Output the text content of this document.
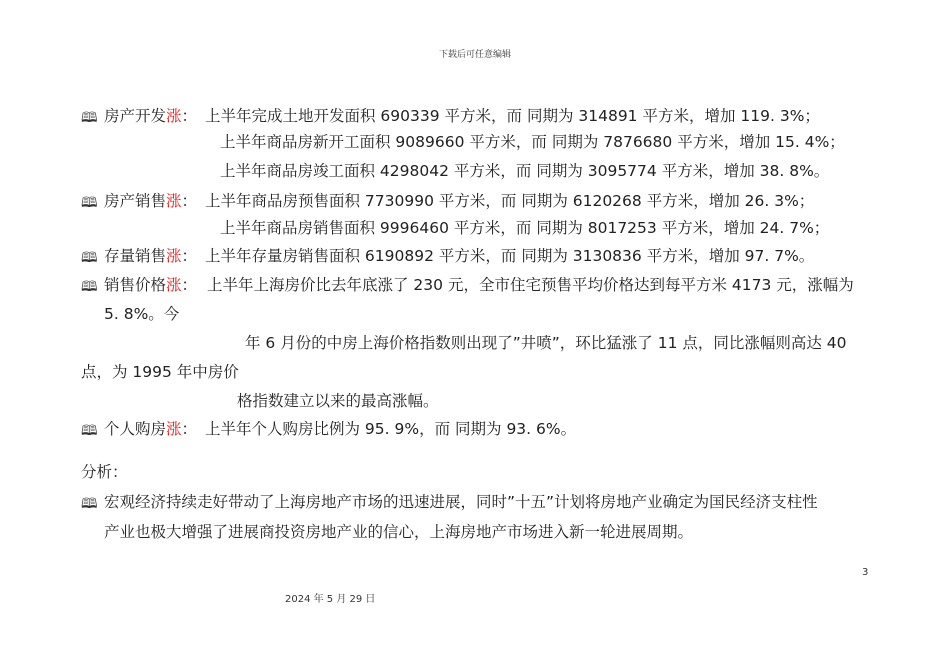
下载后可任意编辑
🕮 房产开发涨： 上半年完成土地开发面积 690339 平方米，而 同期为 314891 平方米，增加 119. 3%；
上半年商品房新开工面积 9089660 平方米，而 同期为 7876680 平方米，增加 15. 4%；
上半年商品房竣工面积 4298042 平方米，而 同期为 3095774 平方米，增加 38. 8%。
🕮 房产销售涨： 上半年商品房预售面积 7730990 平方米，而 同期为 6120268 平方米，增加 26. 3%；
上半年商品房销售面积 9996460 平方米，而 同期为 8017253 平方米，增加 24. 7%；
🕮 存量销售涨： 上半年存量房销售面积 6190892 平方米，而 同期为 3130836 平方米，增加 97. 7%。
🕮 销售价格涨： 上半年上海房价比去年底涨了 230 元，全市住宅预售平均价格达到每平方米 4173 元，涨幅为
5. 8%。今
年 6 月份的中房上海价格指数则出现了”井喷”，环比猛涨了 11 点，同比涨幅则高达 40
点，为 1995 年中房价
格指数建立以来的最高涨幅。
🕮 个人购房涨： 上半年个人购房比例为 95. 9%，而 同期为 93. 6%。
分析：
🕮 宏观经济持续走好带动了上海房地产市场的迅速进展，同时”十五”计划将房地产业确定为国民经济支柱性
产业也极大增强了进展商投资房地产业的信心，上海房地产市场进入新一轮进展周期。
3
2024 年 5 月 29 日
